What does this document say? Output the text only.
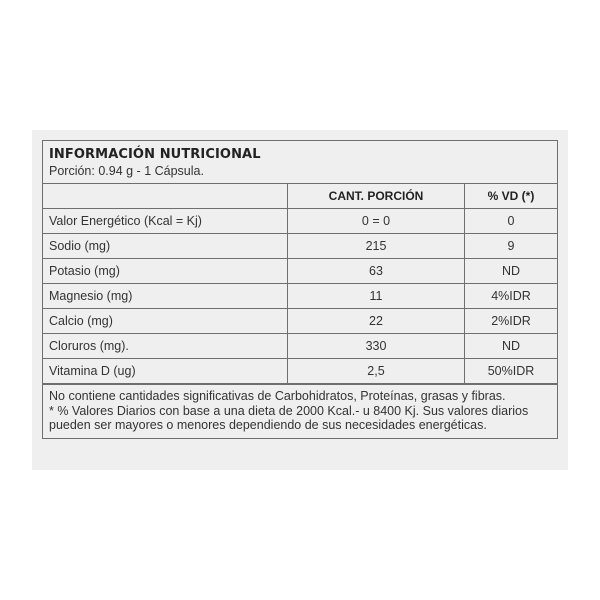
INFORMACIÓN NUTRICIONAL
Porción: 0.94 g - 1 Cápsula.
	CANT. PORCIÓN	% VD (*)
Valor Energético (Kcal = Kj)	0 = 0	0
Sodio (mg)	215	9
Potasio (mg)	63	ND
Magnesio (mg)	11	4%IDR
Calcio (mg)	22	2%IDR
Cloruros (mg).	330	ND
Vitamina D (ug)	2,5	50%IDR

No contiene cantidades significativas de Carbohidratos, Proteínas, grasas y fibras.

* % Valores Diarios con base a una dieta de 2000 Kcal.- u 8400 Kj. Sus valores diarios pueden ser mayores o menores dependiendo de sus necesidades energéticas.
